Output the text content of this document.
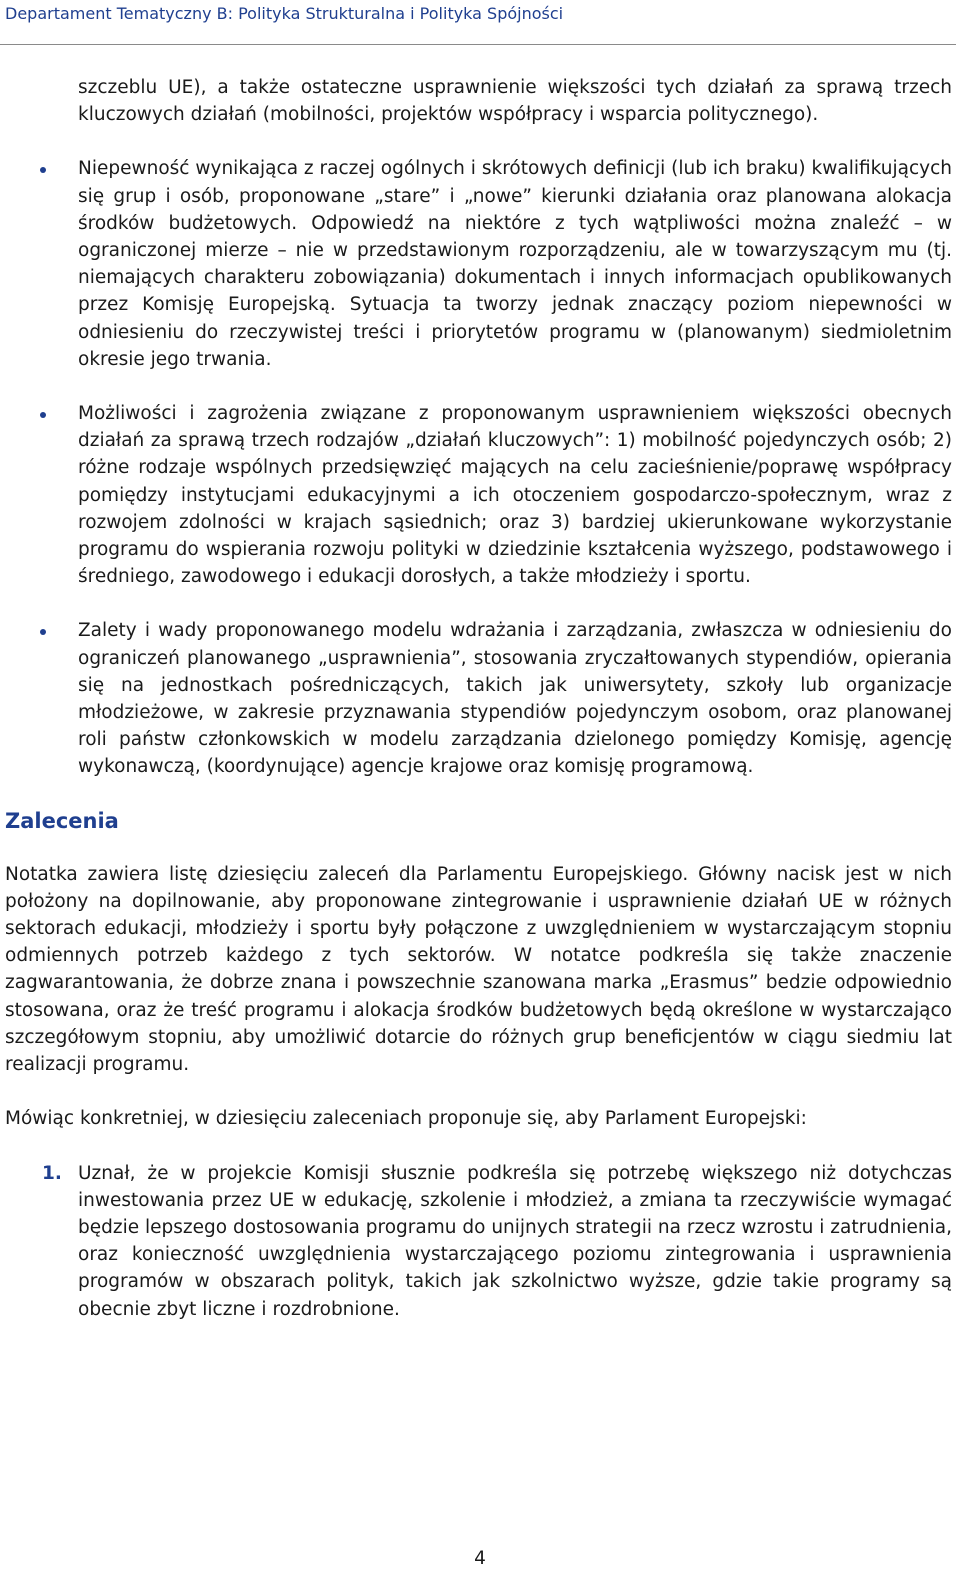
Departament Tematyczny B: Polityka Strukturalna i Polityka Spójności

szczeblu UE), a także ostateczne usprawnienie większości tych działań za sprawą trzech kluczowych działań (mobilności, projektów współpracy i wsparcia politycznego).

Niepewność wynikająca z raczej ogólnych i skrótowych definicji (lub ich braku) kwalifikujących się grup i osób, proponowane „stare” i „nowe” kierunki działania oraz planowana alokacja środków budżetowych. Odpowiedź na niektóre z tych wątpliwości można znaleźć – w ograniczonej mierze – nie w przedstawionym rozporządzeniu, ale w towarzyszącym mu (tj. niemających charakteru zobowiązania) dokumentach i innych informacjach opublikowanych przez Komisję Europejską. Sytuacja ta tworzy jednak znaczący poziom niepewności w odniesieniu do rzeczywistej treści i priorytetów programu w (planowanym) siedmioletnim okresie jego trwania.

Możliwości i zagrożenia związane z proponowanym usprawnieniem większości obecnych działań za sprawą trzech rodzajów „działań kluczowych”: 1) mobilność pojedynczych osób; 2) różne rodzaje wspólnych przedsięwzięć mających na celu zacieśnienie/poprawę współpracy pomiędzy instytucjami edukacyjnymi a ich otoczeniem gospodarczo-społecznym, wraz z rozwojem zdolności w krajach sąsiednich; oraz 3) bardziej ukierunkowane wykorzystanie programu do wspierania rozwoju polityki w dziedzinie kształcenia wyższego, podstawowego i średniego, zawodowego i edukacji dorosłych, a także młodzieży i sportu.

Zalety i wady proponowanego modelu wdrażania i zarządzania, zwłaszcza w odniesieniu do ograniczeń planowanego „usprawnienia”, stosowania zryczałtowanych stypendiów, opierania się na jednostkach pośredniczących, takich jak uniwersytety, szkoły lub organizacje młodzieżowe, w zakresie przyznawania stypendiów pojedynczym osobom, oraz planowanej roli państw członkowskich w modelu zarządzania dzielonego pomiędzy Komisję, agencję wykonawczą, (koordynujące) agencje krajowe oraz komisję programową.

Zalecenia

Notatka zawiera listę dziesięciu zaleceń dla Parlamentu Europejskiego. Główny nacisk jest w nich położony na dopilnowanie, aby proponowane zintegrowanie i usprawnienie działań UE w różnych sektorach edukacji, młodzieży i sportu były połączone z uwzględnieniem w wystarczającym stopniu odmiennych potrzeb każdego z tych sektorów. W notatce podkreśla się także znaczenie zagwarantowania, że dobrze znana i powszechnie szanowana marka „Erasmus” bedzie odpowiednio stosowana, oraz że treść programu i alokacja środków budżetowych będą określone w wystarczająco szczegółowym stopniu, aby umożliwić dotarcie do różnych grup beneficjentów w ciągu siedmiu lat realizacji programu.

Mówiąc konkretniej, w dziesięciu zaleceniach proponuje się, aby Parlament Europejski:

1. Uznał, że w projekcie Komisji słusznie podkreśla się potrzebę większego niż dotychczas inwestowania przez UE w edukację, szkolenie i młodzież, a zmiana ta rzeczywiście wymagać będzie lepszego dostosowania programu do unijnych strategii na rzecz wzrostu i zatrudnienia, oraz konieczność uwzględnienia wystarczającego poziomu zintegrowania i usprawnienia programów w obszarach polityk, takich jak szkolnictwo wyższe, gdzie takie programy są obecnie zbyt liczne i rozdrobnione.

4
